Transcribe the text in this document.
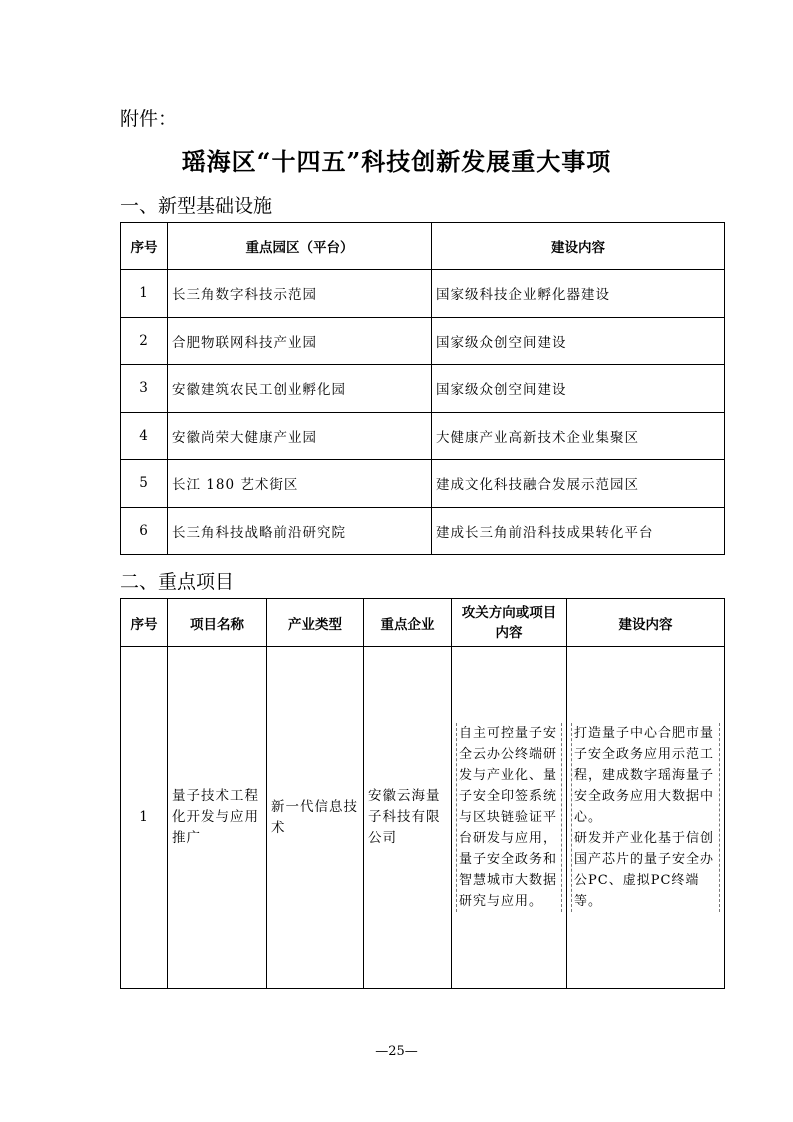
附件：
瑶海区“十四五”科技创新发展重大事项
一、新型基础设施
序号	重点园区（平台）	建设内容
1	长三角数字科技示范园	国家级科技企业孵化器建设
2	合肥物联网科技产业园	国家级众创空间建设
3	安徽建筑农民工创业孵化园	国家级众创空间建设
4	安徽尚荣大健康产业园	大健康产业高新技术企业集聚区
5	长江 180 艺术街区	建成文化科技融合发展示范园区
6	长三角科技战略前沿研究院	建成长三角前沿科技成果转化平台
二、重点项目
序号	项目名称	产业类型	重点企业	攻关方向或项目内容	建设内容
1	量子技术工程化开发与应用推广	新一代信息技术	安徽云海量子科技有限公司	自主可控量子安全云办公终端研发与产业化、量子安全印签系统与区块链验证平台研发与应用，量子安全政务和智慧城市大数据研究与应用。	打造量子中心合肥市量子安全政务应用示范工程，建成数字瑶海量子安全政务应用大数据中心。
研发并产业化基于信创国产芯片的量子安全办公PC、虚拟PC终端等。
—25—
